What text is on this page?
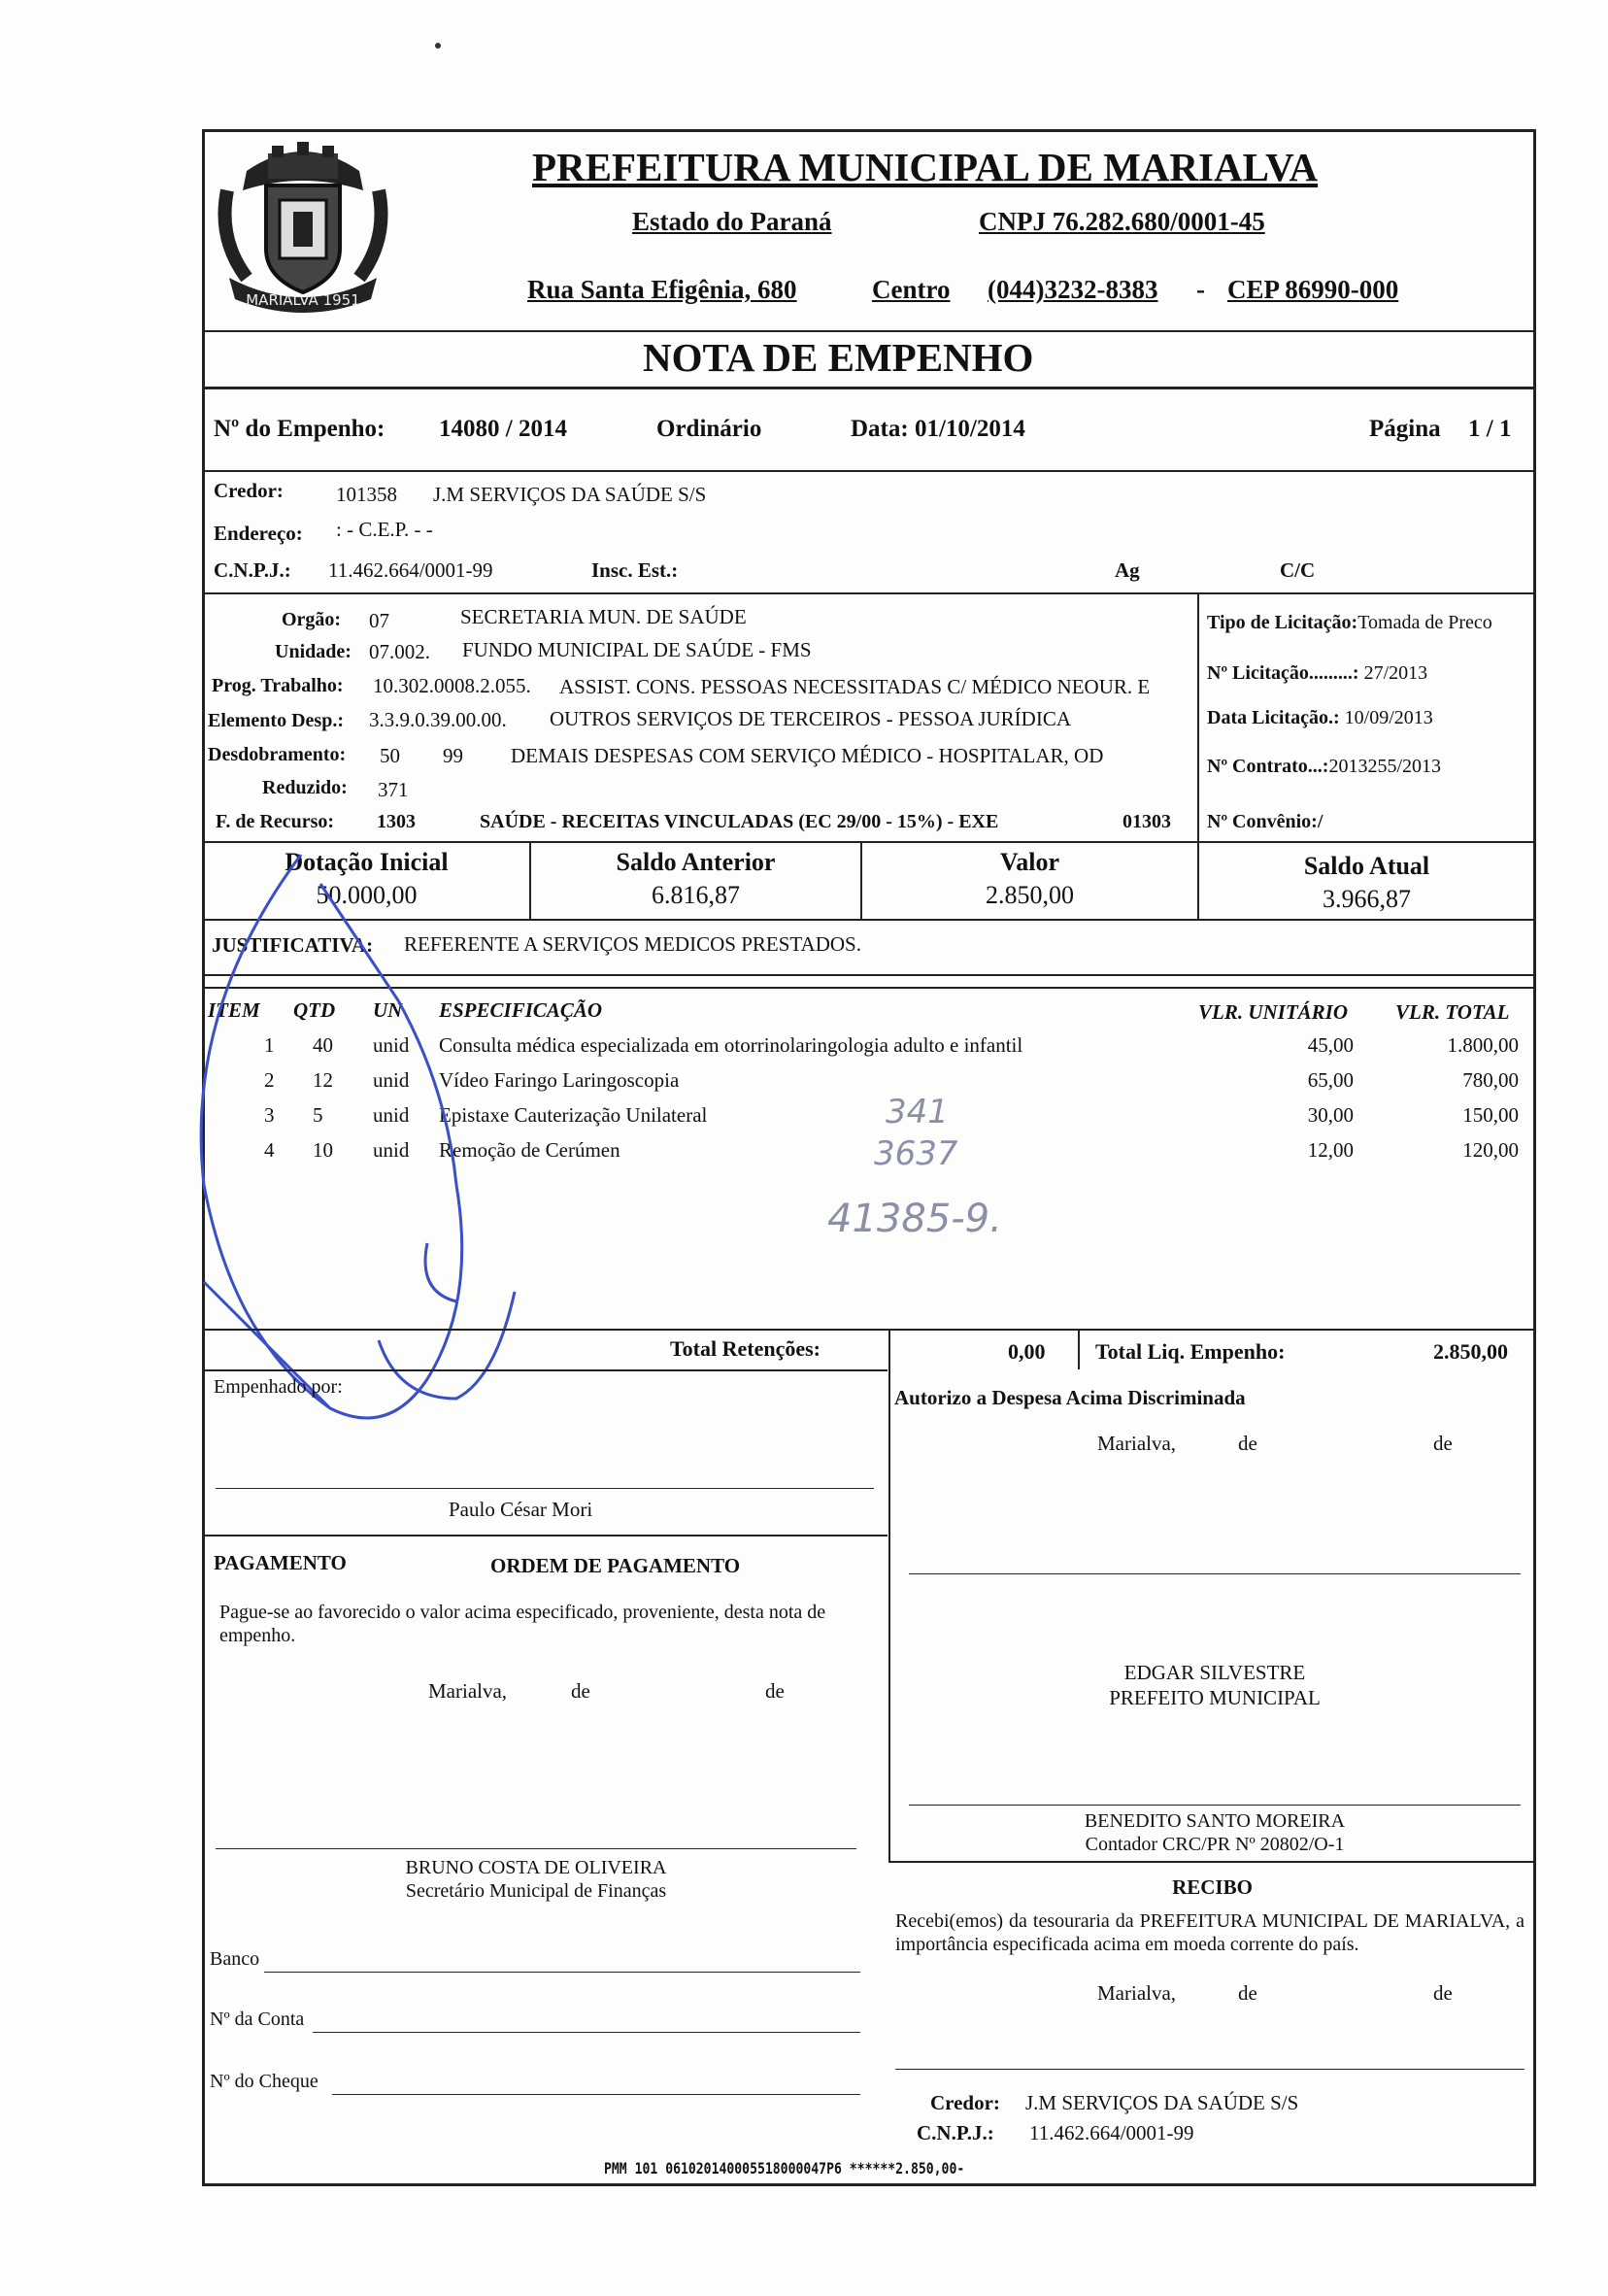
MARIALVA 1951
PREFEITURA MUNICIPAL DE MARIALVA
Estado do Paraná	CNPJ 76.282.680/0001-45
Rua Santa Efigênia, 680	Centro (044)3232-8383 - CEP 86990-000
NOTA DE EMPENHO
Nº do Empenho: 14080 / 2014	Ordinário	Data: 01/10/2014	Página 1 / 1
Credor:	101358 J.M SERVIÇOS DA SAÚDE S/S
Endereço: : - C.E.P. - -
C.N.P.J.: 11.462.664/0001-99	Insc. Est.:	Ag	C/C
Orgão: 07	SECRETARIA MUN. DE SAÚDE
Unidade: 07.002. FUNDO MUNICIPAL DE SAÚDE - FMS
Prog. Trabalho: 10.302.0008.2.055. ASSIST. CONS. PESSOAS NECESSITADAS C/ MÉDICO NEOUR. E
Elemento Desp.: 3.3.9.0.39.00.00. OUTROS SERVIÇOS DE TERCEIROS - PESSOA JURÍDICA
Desdobramento: 50 99 DEMAIS DESPESAS COM SERVIÇO MÉDICO - HOSPITALAR, OD
Reduzido: 371
F. de Recurso: 1303	SAÚDE - RECEITAS VINCULADAS (EC 29/00 - 15%) - EXE	01303
Tipo de Licitação:Tomada de Preco
Nº Licitação.........: 27/2013
Data Licitação.: 10/09/2013
Nº Contrato...:2013255/2013
Nº Convênio:/
Dotação Inicial
50.000,00
Saldo Anterior
6.816,87
Valor
2.850,00
Saldo Atual
3.966,87
JUSTIFICATIVA: REFERENTE A SERVIÇOS MEDICOS PRESTADOS.
ITEM QTD UN ESPECIFICAÇÃO	VLR. UNITÁRIO VLR. TOTAL
1 40 unid Consulta médica especializada em otorrinolaringologia adulto e infantil	45,00	1.800,00
2 12 unid Vídeo Faringo Laringoscopia	65,00	780,00
3 5 unid Epistaxe Cauterização Unilateral	30,00	150,00
4 10 unid Remoção de Cerúmen	12,00	120,00
341
3637
41385-9.
Total Retenções:	0,00 Total Liq. Empenho:	2.850,00
Empenhado por:
Paulo César Mori
Autorizo a Despesa Acima Discriminada
Marialva,	de	de
PAGAMENTO	ORDEM DE PAGAMENTO
Pague-se ao favorecido o valor acima especificado, proveniente, desta nota de empenho.
Marialva,	de	de
BRUNO COSTA DE OLIVEIRA
Secretário Municipal de Finanças
EDGAR SILVESTRE
PREFEITO MUNICIPAL
BENEDITO SANTO MOREIRA
Contador CRC/PR Nº 20802/O-1
RECIBO
Recebi(emos) da tesouraria da PREFEITURA MUNICIPAL DE MARIALVA, a importância especificada acima em moeda corrente do país.
Marialva,	de	de
Credor: J.M SERVIÇOS DA SAÚDE S/S
C.N.P.J.: 11.462.664/0001-99
Banco
Nº da Conta
Nº do Cheque
PMM 101 061020140005518000047P6 ******2.850,00-
